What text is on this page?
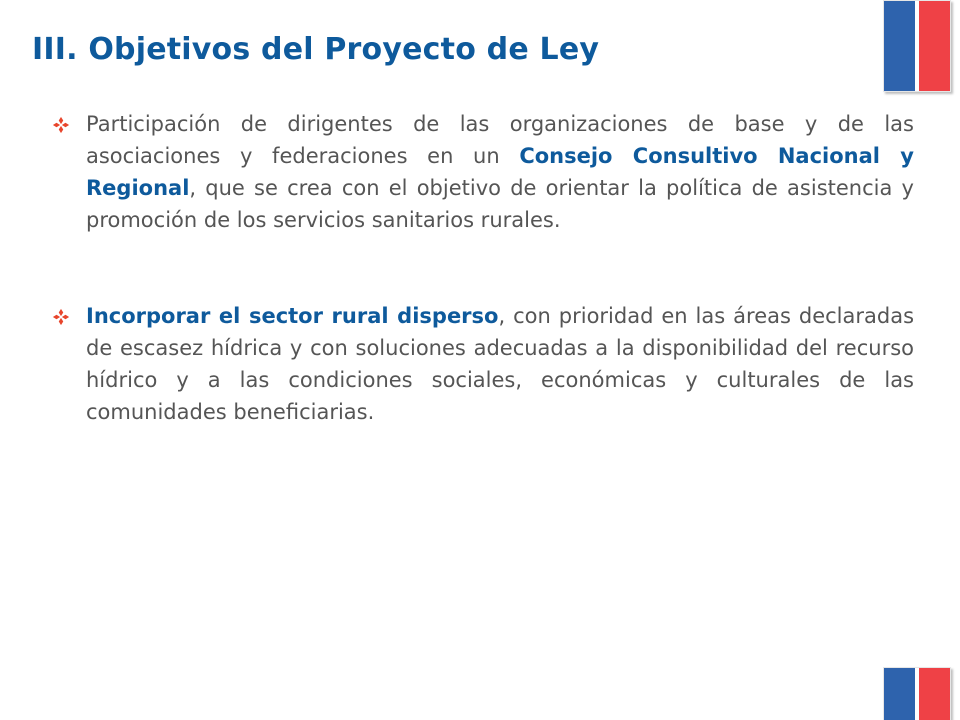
III. Objetivos del Proyecto de Ley
Participación de dirigentes de las organizaciones de base y de las asociaciones y federaciones en un Consejo Consultivo Nacional y Regional, que se crea con el objetivo de orientar la política de asistencia y promoción de los servicios sanitarios rurales.
Incorporar el sector rural disperso, con prioridad en las áreas declaradas de escasez hídrica y con soluciones adecuadas a la disponibilidad del recurso hídrico y a las condiciones sociales, económicas y culturales de las comunidades beneficiarias.
